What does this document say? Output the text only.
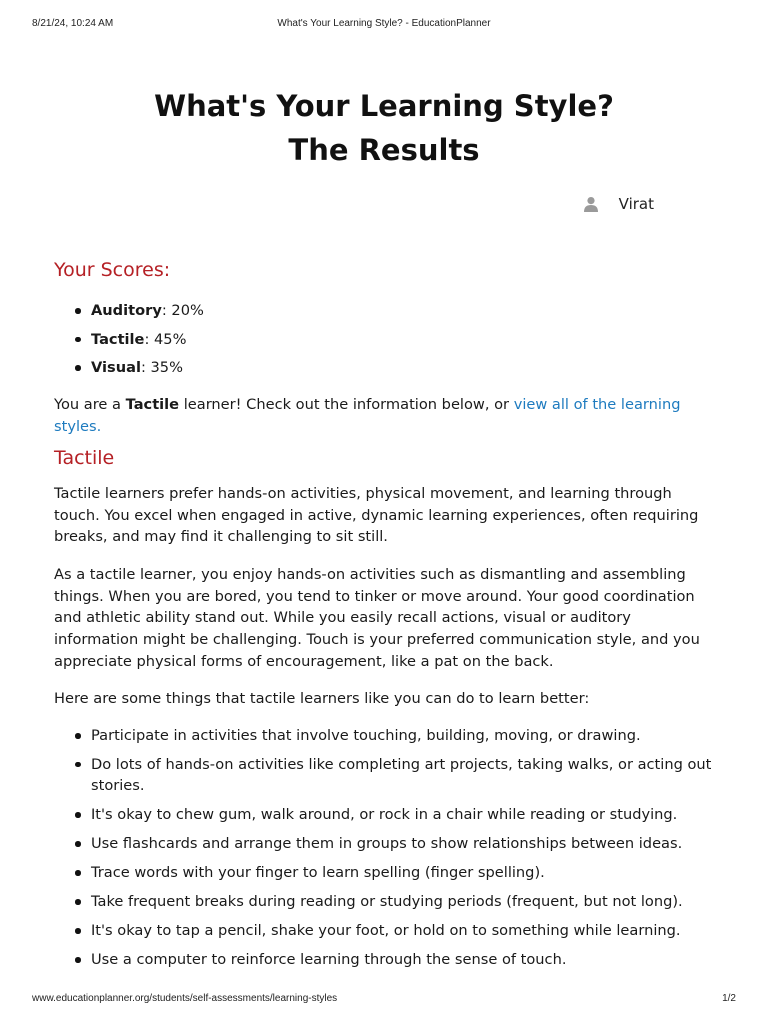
8/21/24, 10:24 AM	What's Your Learning Style? - EducationPlanner
What's Your Learning Style?
The Results
Virat
Your Scores:
Auditory: 20%
Tactile: 45%
Visual: 35%

You are a Tactile learner! Check out the information below, or view all of the learning styles.

Tactile

Tactile learners prefer hands-on activities, physical movement, and learning through touch. You excel when engaged in active, dynamic learning experiences, often requiring breaks, and may find it challenging to sit still.

As a tactile learner, you enjoy hands-on activities such as dismantling and assembling things. When you are bored, you tend to tinker or move around. Your good coordination and athletic ability stand out. While you easily recall actions, visual or auditory information might be challenging. Touch is your preferred communication style, and you appreciate physical forms of encouragement, like a pat on the back.

Here are some things that tactile learners like you can do to learn better:

Participate in activities that involve touching, building, moving, or drawing.
Do lots of hands-on activities like completing art projects, taking walks, or acting out stories.
It's okay to chew gum, walk around, or rock in a chair while reading or studying.
Use flashcards and arrange them in groups to show relationships between ideas.
Trace words with your finger to learn spelling (finger spelling).
Take frequent breaks during reading or studying periods (frequent, but not long).
It's okay to tap a pencil, shake your foot, or hold on to something while learning.
Use a computer to reinforce learning through the sense of touch.
www.educationplanner.org/students/self-assessments/learning-styles	1/2
